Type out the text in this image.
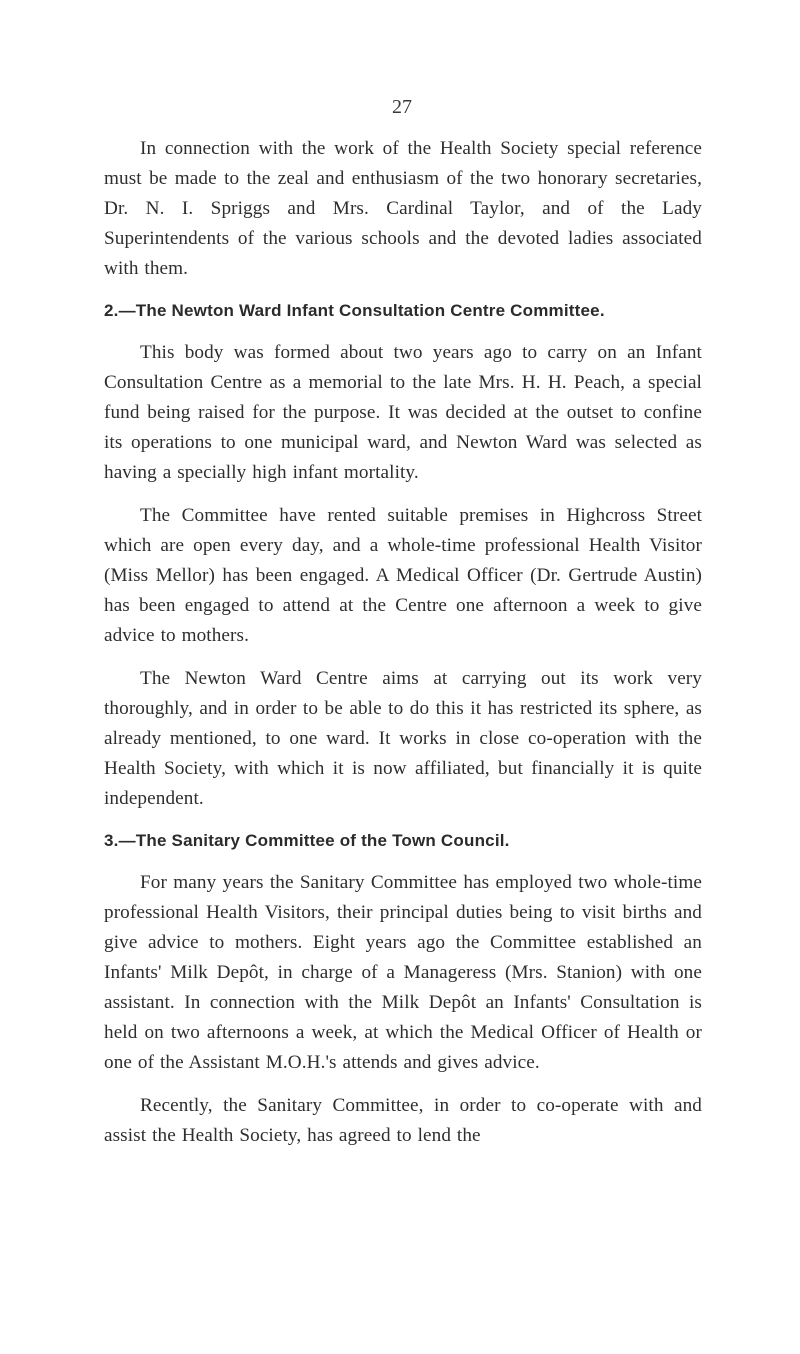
27

In connection with the work of the Health Society special reference must be made to the zeal and enthusiasm of the two honorary secretaries, Dr. N. I. Spriggs and Mrs. Cardinal Taylor, and of the Lady Superintendents of the various schools and the devoted ladies associated with them.

2.—The Newton Ward Infant Consultation Centre Committee.

This body was formed about two years ago to carry on an Infant Consultation Centre as a memorial to the late Mrs. H. H. Peach, a special fund being raised for the purpose. It was decided at the outset to confine its operations to one municipal ward, and Newton Ward was selected as having a specially high infant mortality.

The Committee have rented suitable premises in Highcross Street which are open every day, and a whole-time professional Health Visitor (Miss Mellor) has been engaged. A Medical Officer (Dr. Gertrude Austin) has been engaged to attend at the Centre one afternoon a week to give advice to mothers.

The Newton Ward Centre aims at carrying out its work very thoroughly, and in order to be able to do this it has restricted its sphere, as already mentioned, to one ward. It works in close co-operation with the Health Society, with which it is now affiliated, but financially it is quite independent.

3.—The Sanitary Committee of the Town Council.

For many years the Sanitary Committee has employed two whole-time professional Health Visitors, their principal duties being to visit births and give advice to mothers. Eight years ago the Committee established an Infants' Milk Depôt, in charge of a Manageress (Mrs. Stanion) with one assistant. In connection with the Milk Depôt an Infants' Consultation is held on two afternoons a week, at which the Medical Officer of Health or one of the Assistant M.O.H.'s attends and gives advice.

Recently, the Sanitary Committee, in order to co-operate with and assist the Health Society, has agreed to lend the
